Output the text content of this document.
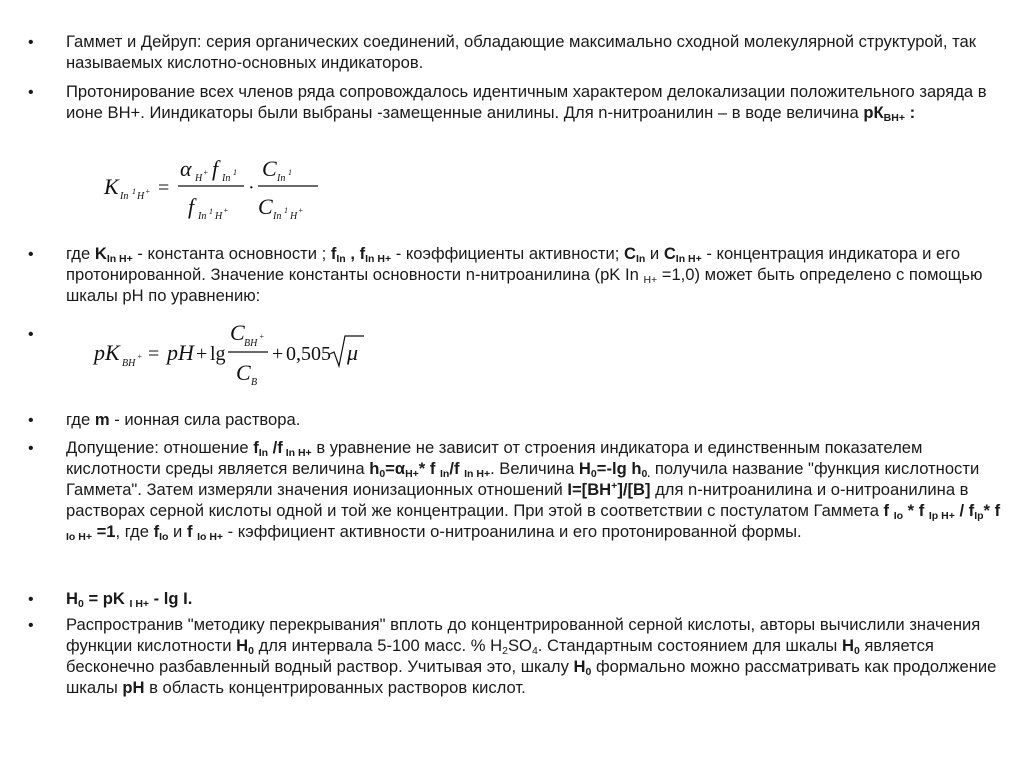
• Гаммет и Дейруп: серия органических соединений, обладающие максимально сходной молекулярной структурой, так называемых кислотно-основных индикаторов.

• Протонирование всех членов ряда сопровождалось идентичным характером делокализации положительного заряда в ионе ВН+. Ииндикаторы были выбраны -замещенные анилины. Для n-нитроанилин – в воде величина $рК_{BH+}$ :

K In 1 H + =
α H
+ f In
1
f In 1 H
+
·
C In
1
C In
1
H
+
• где $K_{In H+}$ - константа основности ; $f_{In}$ , $f_{In H+}$ - коэффициенты активности; $C_{In}$ и $C_{In H+}$ - концентрация индикатора и его протонированной. Значение константы основности n-нитроанилина (pK In $_{H+}$ =1,0) может быть определено с помощью шкалы pH по уравнению:

•
pK BH
+ = pH + lg
C BH
+
C B
+ 0,505 μ
• где m - ионная сила раствора.

• Допущение: отношение $f_{In}$ /f $_{In H+}$ в уравнение не зависит от строения индикатора и единственным показателем кислотности среды является величина $h_0=\alpha_{H+}*$ f $_{In}$/f $_{In H+}$. Величина $H_0=-\lg$ $h_{0.}$ получила название "функция кислотности Гаммета". Затем измеряли значения ионизационных отношений I=[BH+]/[B] для n-нитроанилина и о-нитроанилина в растворах серной кислоты одной и той же концентрации. При этой в соответствии с постулатом Гаммета f $_{Io}$ * f $_{Ip H+} / f_{Ip}*$ f $_{Io H+}$ =1, где $f_{Io}$ и f $_{Io H+}$ - кэффициент активности о-нитроанилина и его протонированной формы.

• $H_0$ = pK $_{I H+}$ - lg I.

• Распространив "методику перекрывания" вплоть до концентрированной серной кислоты, авторы вычислили значения функции кислотности $H_0$ для интервала 5-100 масс. % $H_2SO_4$. Стандартным состоянием для шкалы $H_0$ является бесконечно разбавленный водный раствор. Учитывая это, шкалу $H_0$ формально можно рассматривать как продолжение шкалы pH в область концентрированных растворов кислот.
